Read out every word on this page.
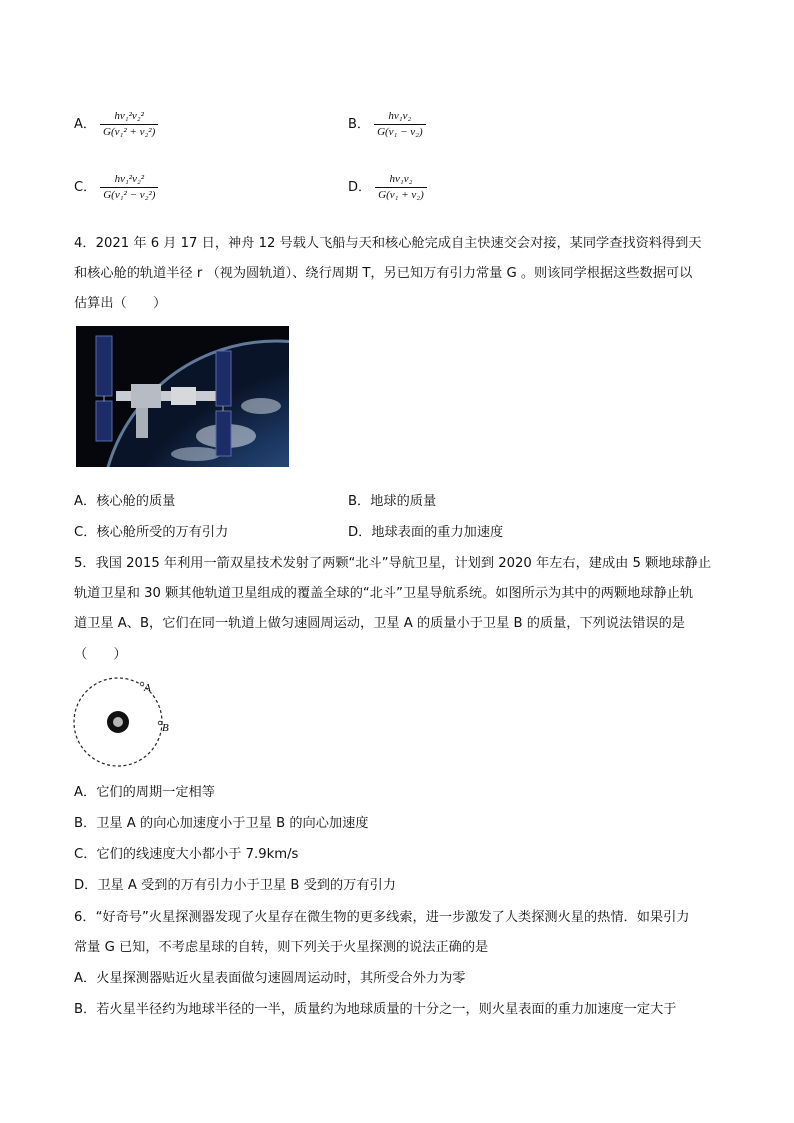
A． $\frac{\text{hν₁²ν₂²}}{\text{G(ν₁² + ν₂²)}}$	B． $\frac{\text{hν₁ν₂}}{\text{G(ν₁ − ν₂)}}$
C． $\frac{\text{hν₁²ν₂²}}{\text{G(ν₁² − ν₂²)}}$	D． $\frac{\text{hν₁ν₂}}{\text{G(ν₁ + ν₂)}}$
4．2021 年 6 月 17 日，神舟 12 号载人飞船与天和核心舱完成自主快速交会对接，某同学查找资料得到天
和核心舱的轨道半径 r （视为圆轨道）、绕行周期 T，另已知万有引力常量 G 。则该同学根据这些数据可以
估算出（　　）
A．核心舱的质量	B．地球的质量
C．核心舱所受的万有引力	D．地球表面的重力加速度
5．我国 2015 年利用一箭双星技术发射了两颗“北斗”导航卫星，计划到 2020 年左右，建成由 5 颗地球静止
轨道卫星和 30 颗其他轨道卫星组成的覆盖全球的“北斗”卫星导航系统。如图所示为其中的两颗地球静止轨
道卫星 A、B，它们在同一轨道上做匀速圆周运动，卫星 A 的质量小于卫星 B 的质量，下列说法错误的是
（　　）
A
B
A．它们的周期一定相等
B．卫星 A 的向心加速度小于卫星 B 的向心加速度
C．它们的线速度大小都小于 7.9km/s
D．卫星 A 受到的万有引力小于卫星 B 受到的万有引力
6．“好奇号”火星探测器发现了火星存在微生物的更多线索，进一步激发了人类探测火星的热情．如果引力
常量 G 已知，不考虑星球的自转，则下列关于火星探测的说法正确的是
A．火星探测器贴近火星表面做匀速圆周运动时，其所受合外力为零
B．若火星半径约为地球半径的一半，质量约为地球质量的十分之一，则火星表面的重力加速度一定大于
